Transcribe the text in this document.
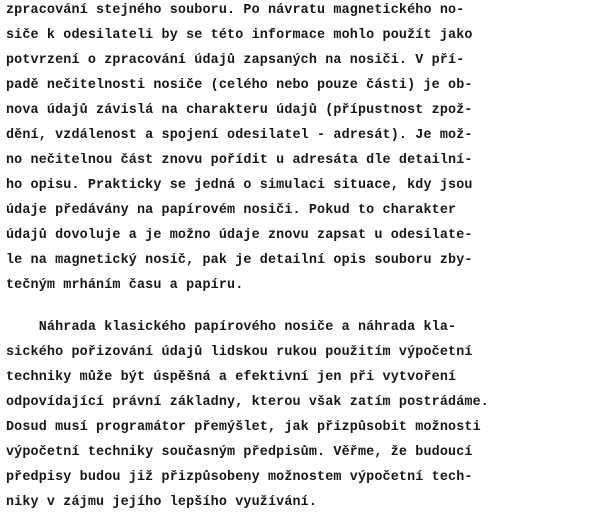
zpracování stejného souboru. Po návratu magnetického no-
siče k odesilateli by se této informace mohlo použít jako
potvrzení o zpracování údajů zapsaných na nosiči. V pří-
padě nečitelnosti nosiče (celého nebo pouze části) je ob-
nova údajů závislá na charakteru údajů (přípustnost zpož-
dění, vzdálenost a spojení odesilatel - adresát). Je mož-
no nečitelnou část znovu pořídit u adresáta dle detailní-
ho opisu. Prakticky se jedná o simulaci situace, kdy jsou
údaje předávány na papírovém nosiči. Pokud to charakter
údajů dovoluje a je možno údaje znovu zapsat u odesilate-
le na magnetický nosič, pak je detailní opis souboru zby-
tečným mrháním času a papíru.
Náhrada klasického papírového nosiče a náhrada kla-
sického pořizování údajů lidskou rukou použitím výpočetní
techniky může být úspěšná a efektivní jen při vytvoření
odpovídající právní základny, kterou však zatím postrádáme.
Dosud musí programátor přemýšlet, jak přizpůsobit možnosti
výpočetní techniky současným předpisům. Věřme, že budoucí
předpisy budou již přizpůsobeny možnostem výpočetní tech-
niky v zájmu jejího lepšího využívání.
